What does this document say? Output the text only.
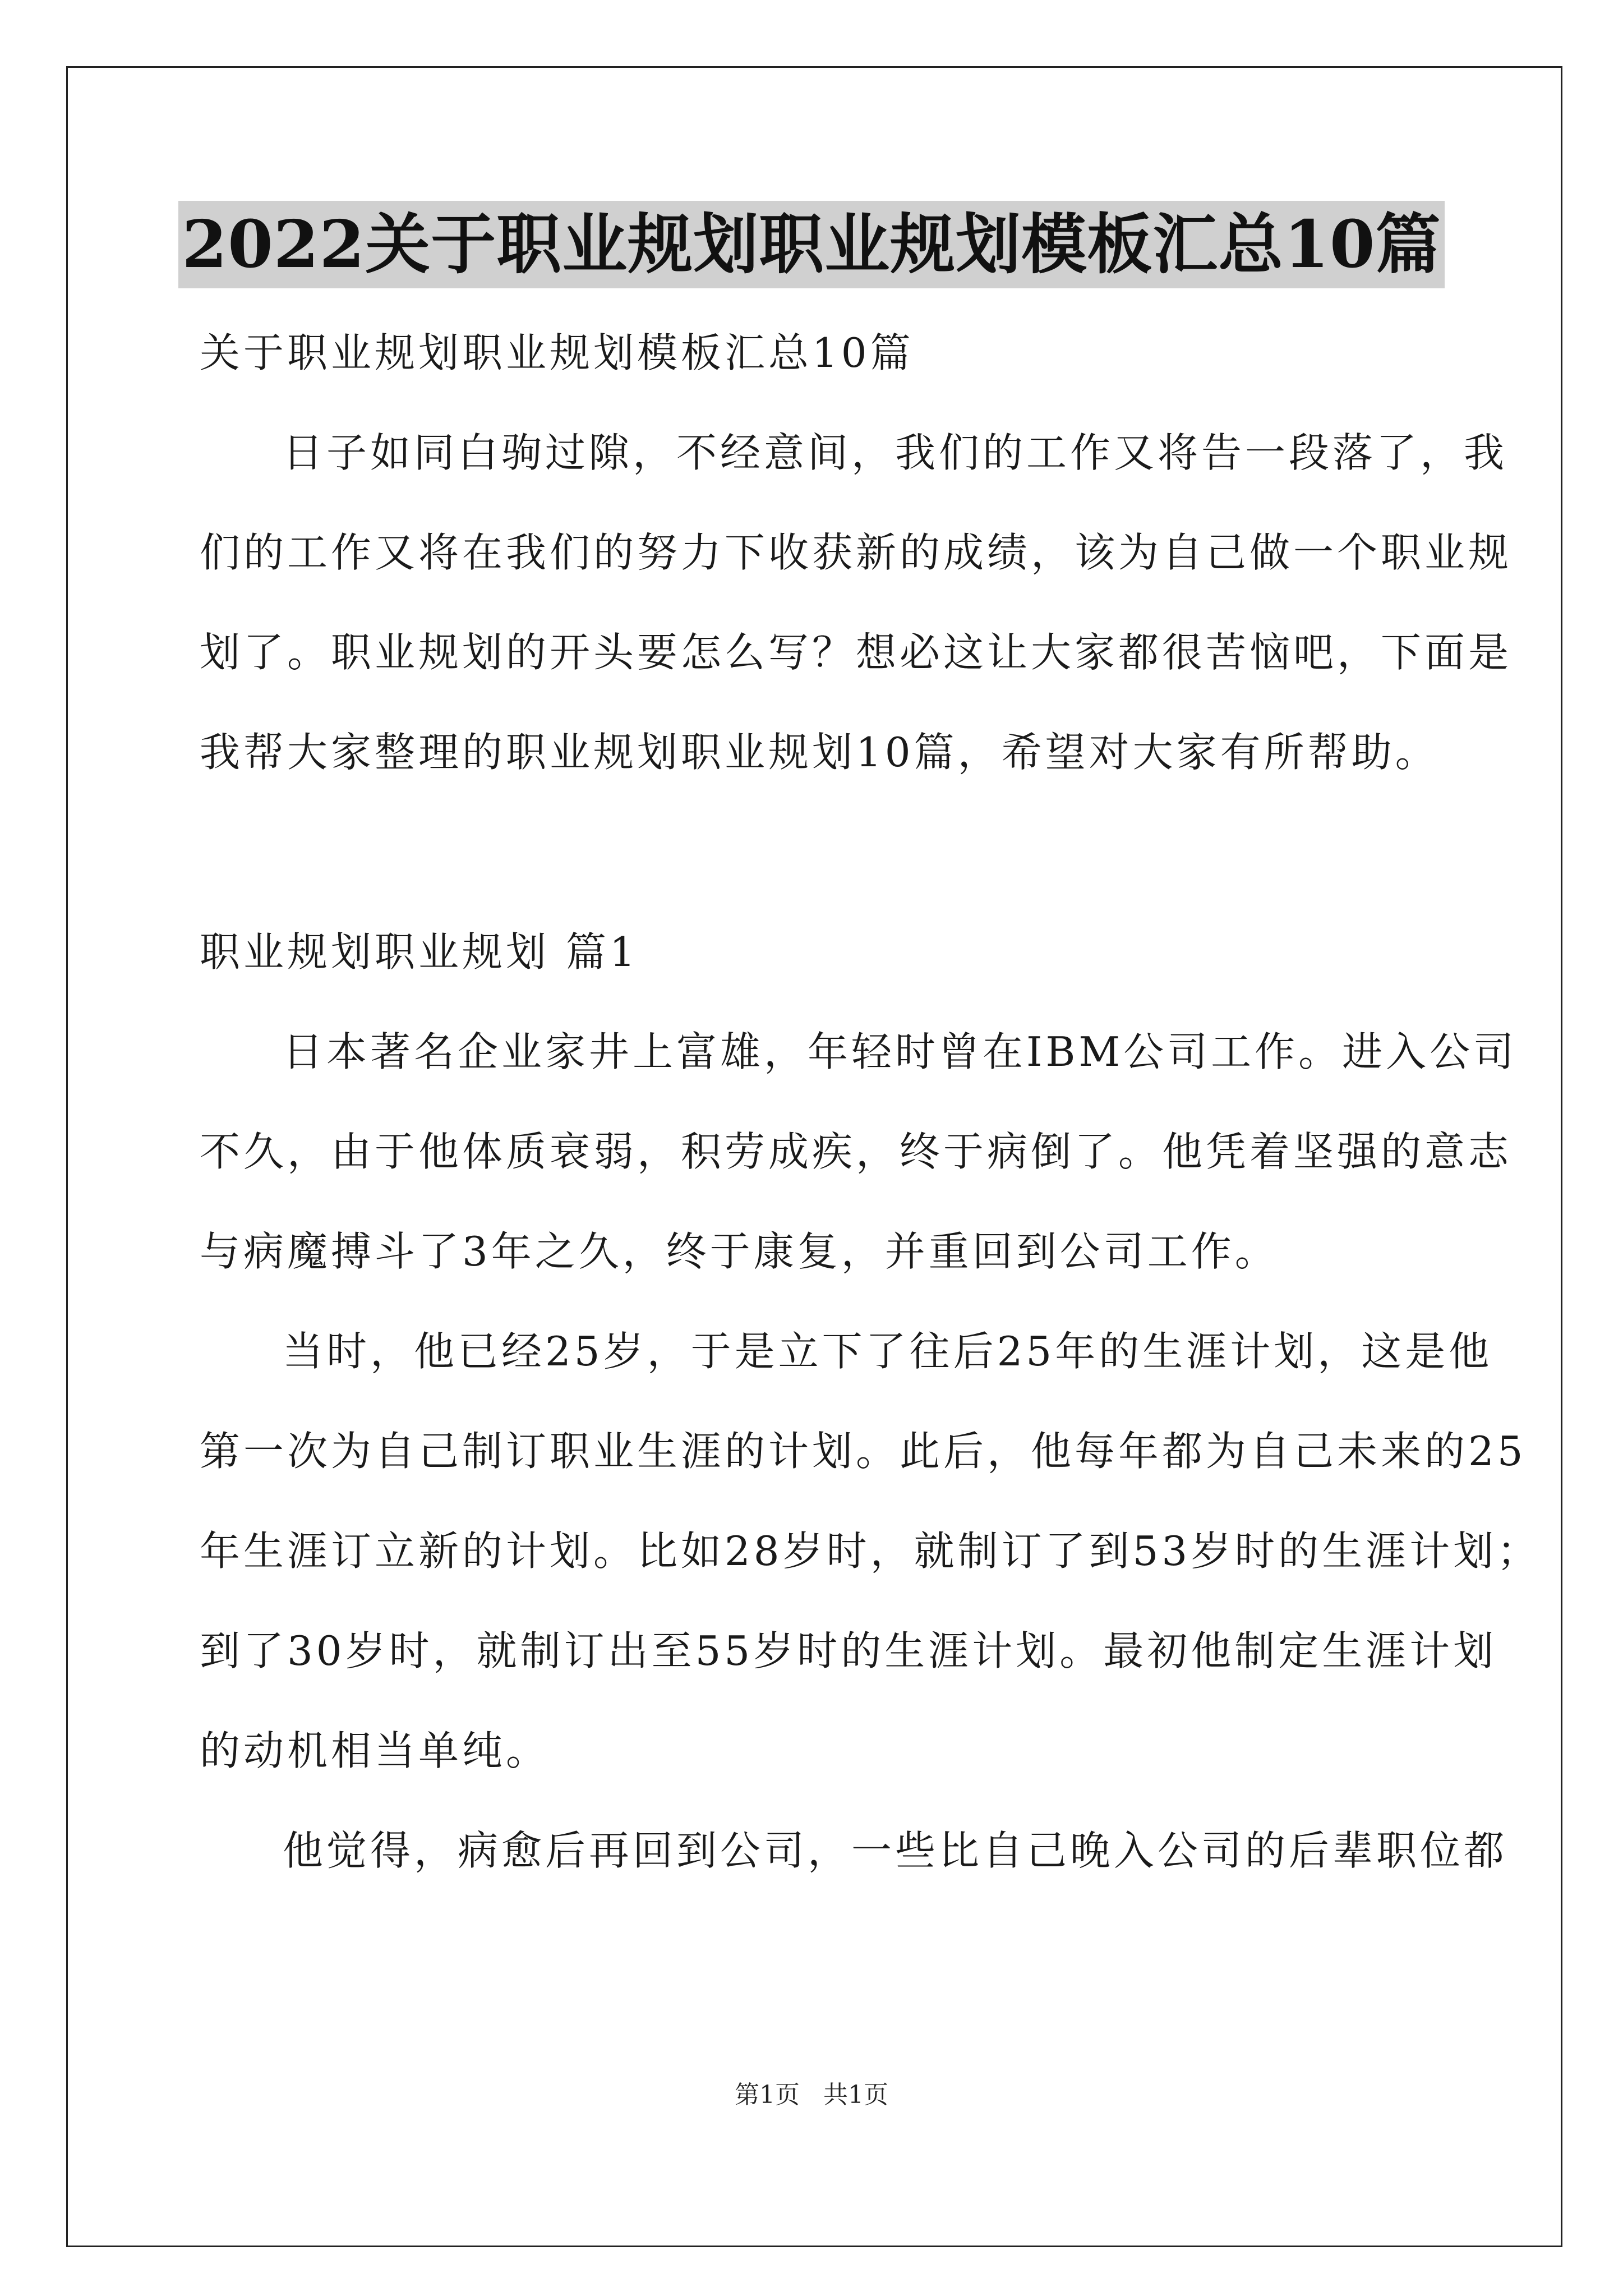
2022关于职业规划职业规划模板汇总10篇
关于职业规划职业规划模板汇总10篇
日子如同白驹过隙，不经意间，我们的工作又将告一段落了，我
们的工作又将在我们的努力下收获新的成绩，该为自己做一个职业规
划了。职业规划的开头要怎么写？想必这让大家都很苦恼吧，下面是
我帮大家整理的职业规划职业规划10篇，希望对大家有所帮助。
职业规划职业规划 篇1
日本著名企业家井上富雄，年轻时曾在IBM公司工作。进入公司
不久，由于他体质衰弱，积劳成疾，终于病倒了。他凭着坚强的意志
与病魔搏斗了3年之久，终于康复，并重回到公司工作。
当时，他已经25岁，于是立下了往后25年的生涯计划，这是他
第一次为自己制订职业生涯的计划。此后，他每年都为自己未来的25
年生涯订立新的计划。比如28岁时，就制订了到53岁时的生涯计划；
到了30岁时，就制订出至55岁时的生涯计划。最初他制定生涯计划
的动机相当单纯。
他觉得，病愈后再回到公司，一些比自己晚入公司的后辈职位都
第1页 共1页
